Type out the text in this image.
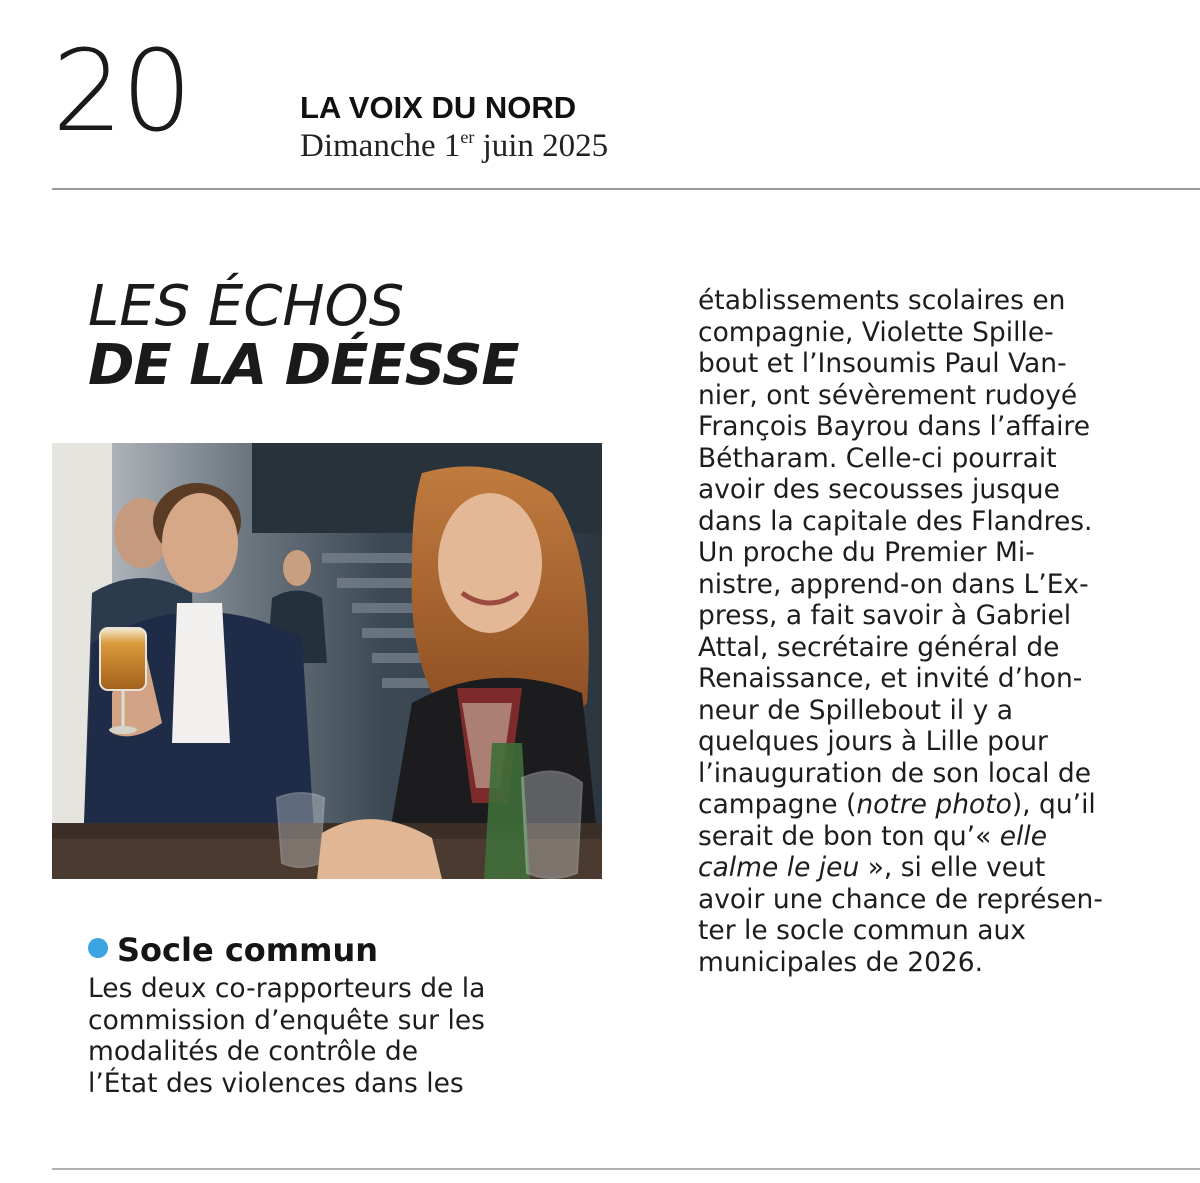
20	LA VOIX DU NORD
Dimanche 1er juin 2025
LES ÉCHOS
DE LA DÉESSE
Socle commun
Les deux co-rapporteurs de la
commission d’enquête sur les
modalités de contrôle de
l’État des violences dans les
établissements scolaires en
compagnie, Violette Spille-
bout et l’Insoumis Paul Van-
nier, ont sévèrement rudoyé
François Bayrou dans l’affaire
Bétharam. Celle-ci pourrait
avoir des secousses jusque
dans la capitale des Flandres.
Un proche du Premier Mi-
nistre, apprend-on dans L’Ex-
press, a fait savoir à Gabriel
Attal, secrétaire général de
Renaissance, et invité d’hon-
neur de Spillebout il y a
quelques jours à Lille pour
l’inauguration de son local de
campagne (notre photo), qu’il
serait de bon ton qu’« elle
calme le jeu », si elle veut
avoir une chance de représen-
ter le socle commun aux
municipales de 2026.
